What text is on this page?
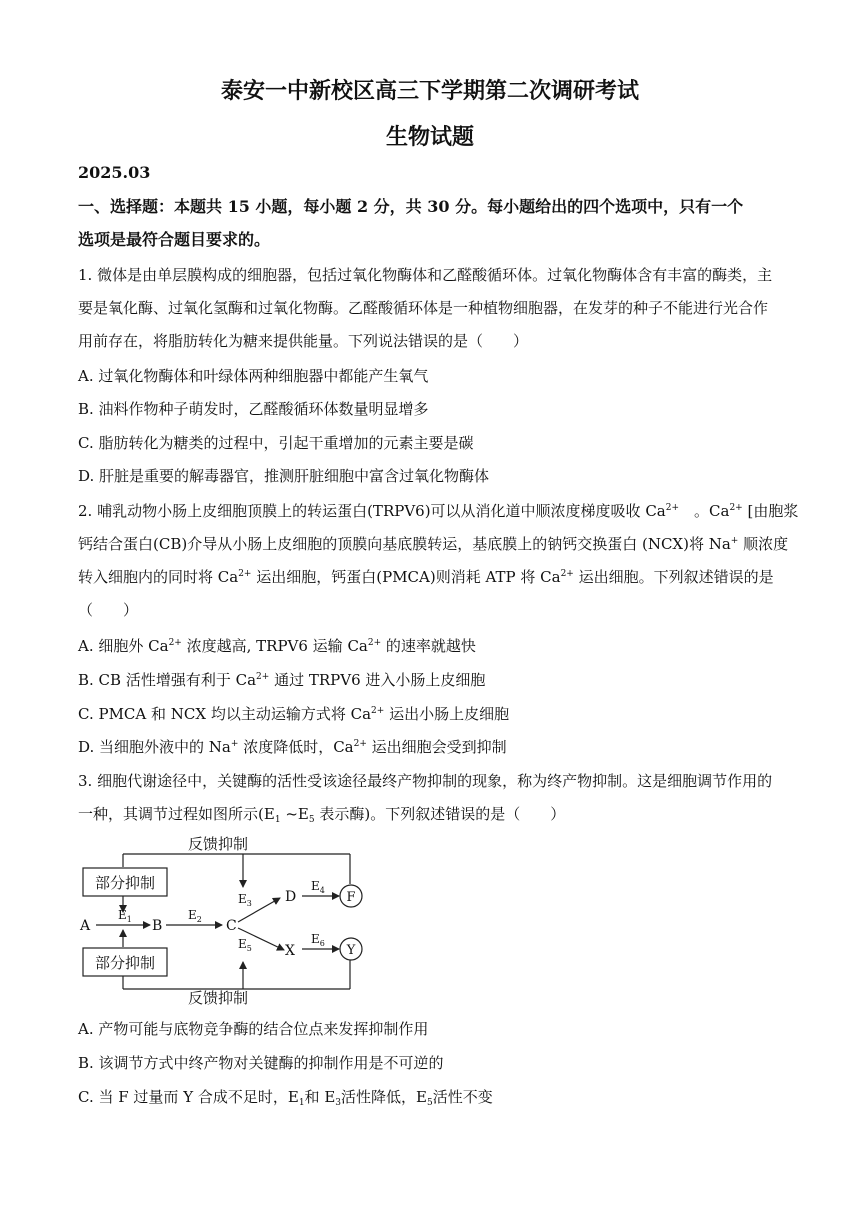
泰安一中新校区高三下学期第二次调研考试
生物试题
2025.03
一、选择题：本题共 15 小题，每小题 2 分，共 30 分。每小题给出的四个选项中，只有一个
选项是最符合题目要求的。
1. 微体是由单层膜构成的细胞器，包括过氧化物酶体和乙醛酸循环体。过氧化物酶体含有丰富的酶类，主
要是氧化酶、过氧化氢酶和过氧化物酶。乙醛酸循环体是一种植物细胞器，在发芽的种子不能进行光合作
用前存在，将脂肪转化为糖来提供能量。下列说法错误的是（　　）
A. 过氧化物酶体和叶绿体两种细胞器中都能产生氧气
B. 油料作物种子萌发时，乙醛酸循环体数量明显增多
C. 脂肪转化为糖类的过程中，引起干重增加的元素主要是碳
D. 肝脏是重要的解毒器官，推测肝脏细胞中富含过氧化物酶体
2. 哺乳动物小肠上皮细胞顶膜上的转运蛋白(TRPV6)可以从消化道中顺浓度梯度吸收 $Ca^{2+}$　。$Ca^{2+}$ [由胞浆
钙结合蛋白(CB)介导从小肠上皮细胞的顶膜向基底膜转运，基底膜上的钠钙交换蛋白 (NCX)将 Na+ 顺浓度
转入细胞内的同时将 $Ca^{2+}$ 运出细胞，钙蛋白(PMCA)则消耗 ATP 将 $Ca^{2+}$ 运出细胞。下列叙述错误的是
（　　）
A. 细胞外 $Ca^{2+}$ 浓度越高, TRPV6 运输 $Ca^{2+}$ 的速率就越快
B. CB 活性增强有利于 $Ca^{2+}$ 通过 TRPV6 进入小肠上皮细胞
C. PMCA 和 NCX 均以主动运输方式将 $Ca^{2+}$ 运出小肠上皮细胞
D. 当细胞外液中的 Na+ 浓度降低时，$Ca^{2+}$ 运出细胞会受到抑制
3. 细胞代谢途径中，关键酶的活性受该途径最终产物抑制的现象，称为终产物抑制。这是细胞调节作用的
一种，其调节过程如图所示($E_1$ $\sim E_5$ 表示酶)。下列叙述错误的是（　　）
反馈抑制
反馈抑制
部分抑制
部分抑制
A	B	C
D
X
F
Y
$E_1$	$E_2$
$E_3$
$E_4$
$E_5$
$E_6$
A. 产物可能与底物竞争酶的结合位点来发挥抑制作用
B. 该调节方式中终产物对关键酶的抑制作用是不可逆的
C. 当 F 过量而 Y 合成不足时，$E_1$和 $E_3$活性降低，$E_5$活性不变
